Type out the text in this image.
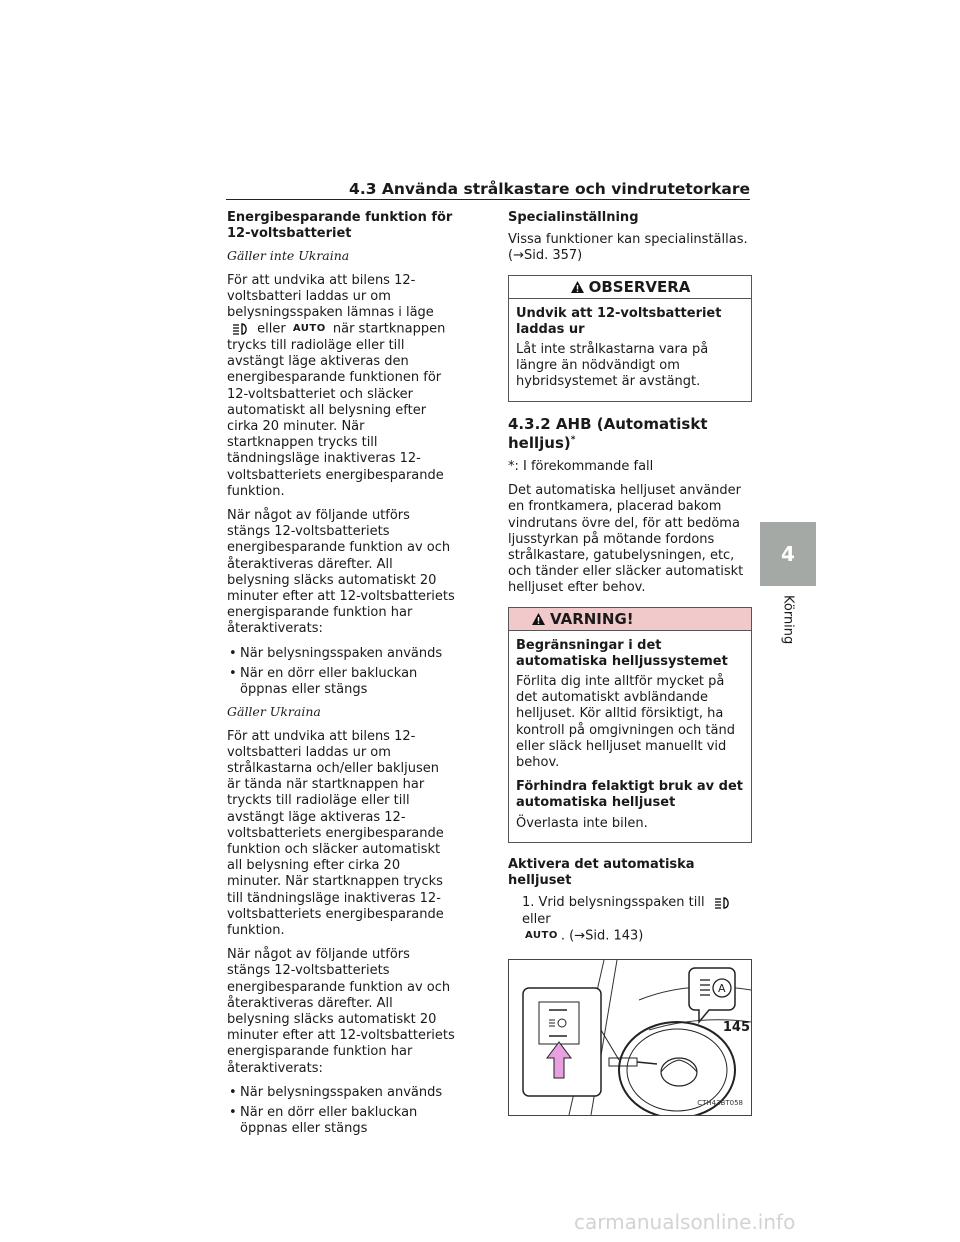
4.3 Använda strålkastare och vindrutetorkare
Energibesparande funktion för 12-voltsbatteriet
Gäller inte Ukraina

För att undvika att bilens 12-voltsbatteri laddas ur om belysningsspaken lämnas i läge  eller AUTO när startknappen trycks till radioläge eller till avstängt läge aktiveras den energibesparande funktionen för 12-voltsbatteriet och släcker automatiskt all belysning efter cirka 20 minuter. När startknappen trycks till tändningsläge inaktiveras 12-voltsbatteriets energibesparande funktion.

När något av följande utförs stängs 12-voltsbatteriets energibesparande funktion av och återaktiveras därefter. All belysning släcks automatiskt 20 minuter efter att 12-voltsbatteriets energisparande funktion har återaktiverats:

• När belysningsspaken används
• När en dörr eller bakluckan öppnas eller stängs
Gäller Ukraina

För att undvika att bilens 12-voltsbatteri laddas ur om strålkastarna och/eller bakljusen är tända när startknappen har tryckts till radioläge eller till avstängt läge aktiveras 12-voltsbatteriets energibesparande funktion och släcker automatiskt all belysning efter cirka 20 minuter. När startknappen trycks till tändningsläge inaktiveras 12-voltsbatteriets energibesparande funktion.

När något av följande utförs stängs 12-voltsbatteriets energibesparande funktion av och återaktiveras därefter. All belysning släcks automatiskt 20 minuter efter att 12-voltsbatteriets energisparande funktion har återaktiverats:

• När belysningsspaken används
• När en dörr eller bakluckan öppnas eller stängs
Specialinställning

Vissa funktioner kan specialinställas. (→Sid. 357)

OBSERVERA
Undvik att 12-voltsbatteriet laddas ur

Låt inte strålkastarna vara på längre än nödvändigt om hybridsystemet är avstängt.

4.3.2 AHB (Automatiskt helljus)*

*: I förekommande fall

Det automatiska helljuset använder en frontkamera, placerad bakom vindrutans övre del, för att bedöma ljusstyrkan på mötande fordons strålkastare, gatubelysningen, etc, och tänder eller släcker automatiskt helljuset efter behov.

VARNING!
Begränsningar i det automatiska helljussystemet

Förlita dig inte alltför mycket på det automatiskt avbländande helljuset. Kör alltid försiktigt, ha kontroll på omgivningen och tänd eller släck helljuset manuellt vid behov.

Förhindra felaktigt bruk av det automatiska helljuset

Överlasta inte bilen.

Aktivera det automatiska helljuset
1. Vrid belysningsspaken till  eller
AUTO . (→Sid. 143)
A
CTH43BT058
145
4
Körning
carmanualsonline.info
